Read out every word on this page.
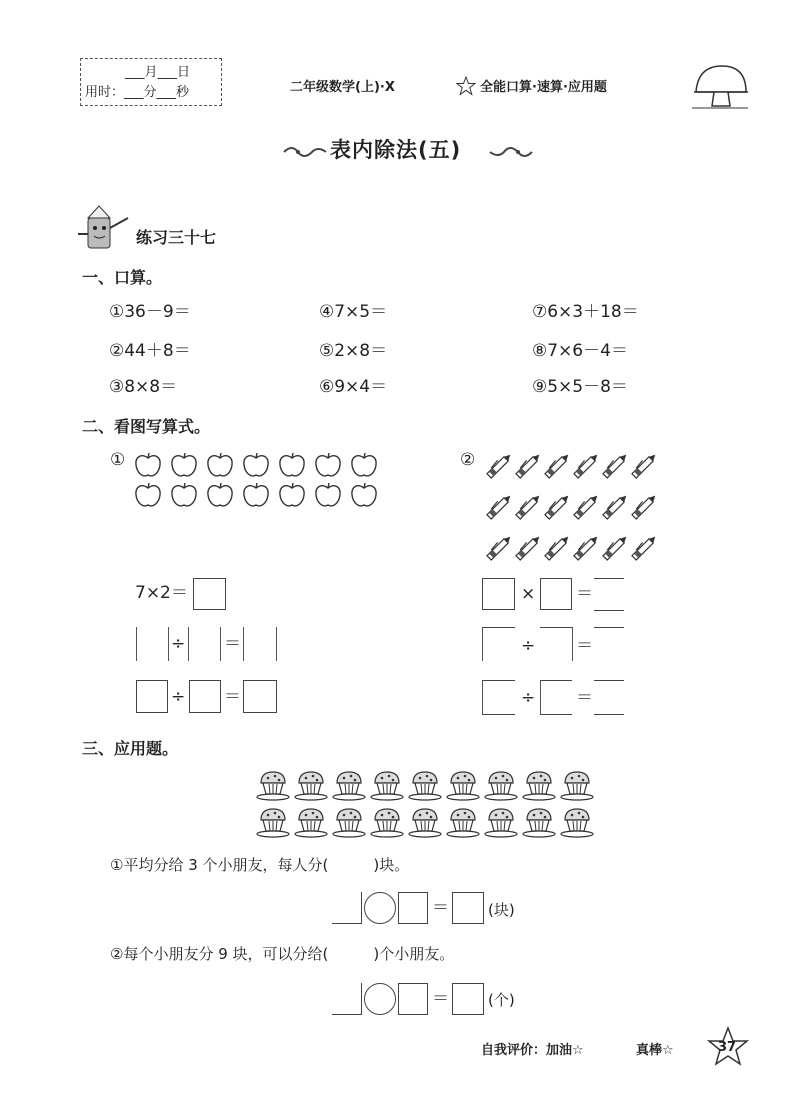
___月___日
用时：___分___秒	二年级数学(上)·X	全能口算·速算·应用题
表内除法(五)
练习三十七
一、口算。
①36－9＝	④7×5＝	⑦6×3＋18＝
②44＋8＝	⑤2×8＝	⑧7×6－4＝
③8×8＝	⑥9×4＝	⑨5×5－8＝
二、看图写算式。
①	②
7×2＝
÷ ＝
÷ ＝
× ＝
÷ ＝
÷ ＝
三、应用题。
①平均分给 3 个小朋友，每人分(　　　)块。
＝	(块)
②每个小朋友分 9 块，可以分给(　　　)个小朋友。
＝	(个)
自我评价：加油☆	真棒☆	37
